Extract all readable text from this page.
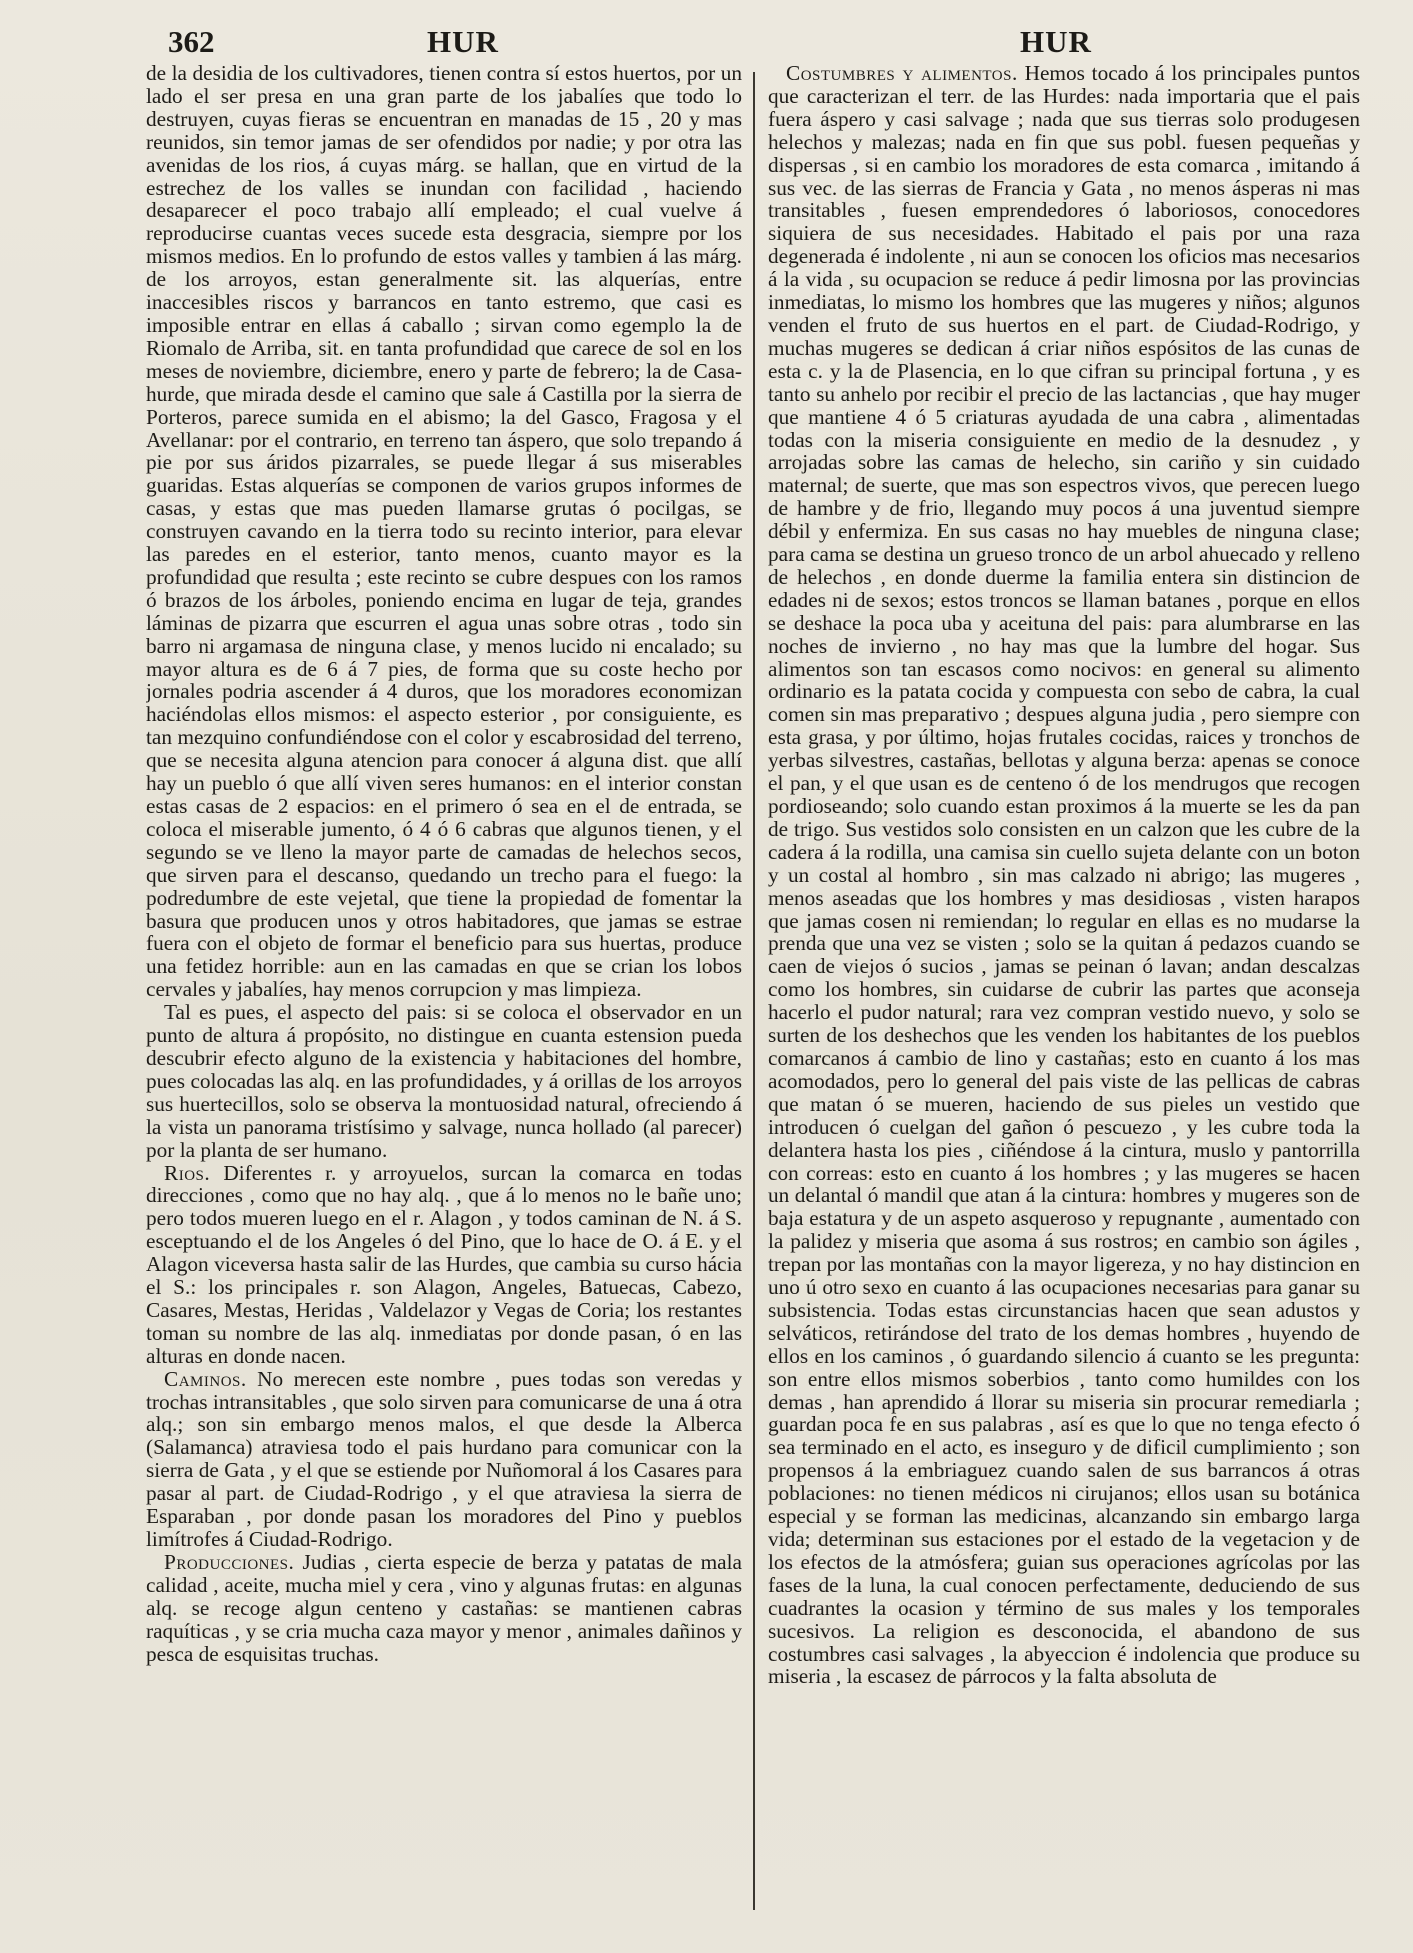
362	HUR	HUR

de la desidia de los cultivadores, tienen contra sí estos huertos, por un lado el ser presa en una gran parte de los jabalíes que todo lo destruyen, cuyas fieras se encuentran en manadas de 15 , 20 y mas reunidos, sin temor jamas de ser ofendidos por nadie; y por otra las avenidas de los rios, á cuyas márg. se hallan, que en virtud de la estrechez de los valles se inundan con facilidad , haciendo desaparecer el poco trabajo allí empleado; el cual vuelve á reproducirse cuantas veces sucede esta desgracia, siempre por los mismos medios. En lo profundo de estos valles y tambien á las márg. de los arroyos, estan generalmente sit. las alquerías, entre inaccesibles riscos y barrancos en tanto estremo, que casi es imposible entrar en ellas á caballo ; sirvan como egemplo la de Riomalo de Arriba, sit. en tanta profundidad que carece de sol en los meses de noviembre, diciembre, enero y parte de febrero; la de Casa-hurde, que mirada desde el camino que sale á Castilla por la sierra de Porteros, parece sumida en el abismo; la del Gasco, Fragosa y el Avellanar: por el contrario, en terreno tan áspero, que solo trepando á pie por sus áridos pizarrales, se puede llegar á sus miserables guaridas. Estas alquerías se componen de varios grupos informes de casas, y estas que mas pueden llamarse grutas ó pocilgas, se construyen cavando en la tierra todo su recinto interior, para elevar las paredes en el esterior, tanto menos, cuanto mayor es la profundidad que resulta ; este recinto se cubre despues con los ramos ó brazos de los árboles, poniendo encima en lugar de teja, grandes láminas de pizarra que escurren el agua unas sobre otras , todo sin barro ni argamasa de ninguna clase, y menos lucido ni encalado; su mayor altura es de 6 á 7 pies, de forma que su coste hecho por jornales podria ascender á 4 duros, que los moradores economizan haciéndolas ellos mismos: el aspecto esterior , por consiguiente, es tan mezquino confundiéndose con el color y escabrosidad del terreno, que se necesita alguna atencion para conocer á alguna dist. que allí hay un pueblo ó que allí viven seres humanos: en el interior constan estas casas de 2 espacios: en el primero ó sea en el de entrada, se coloca el miserable jumento, ó 4 ó 6 cabras que algunos tienen, y el segundo se ve lleno la mayor parte de camadas de helechos secos, que sirven para el descanso, quedando un trecho para el fuego: la podredumbre de este vejetal, que tiene la propiedad de fomentar la basura que producen unos y otros habitadores, que jamas se estrae fuera con el objeto de formar el beneficio para sus huertas, produce una fetidez horrible: aun en las camadas en que se crian los lobos cervales y jabalíes, hay menos corrupcion y mas limpieza.

Tal es pues, el aspecto del pais: si se coloca el observador en un punto de altura á propósito, no distingue en cuanta estension pueda descubrir efecto alguno de la existencia y habitaciones del hombre, pues colocadas las alq. en las profundidades, y á orillas de los arroyos sus huertecillos, solo se observa la montuosidad natural, ofreciendo á la vista un panorama tristísimo y salvage, nunca hollado (al parecer) por la planta de ser humano.

Rios. Diferentes r. y arroyuelos, surcan la comarca en todas direcciones , como que no hay alq. , que á lo menos no le bañe uno; pero todos mueren luego en el r. Alagon , y todos caminan de N. á S. esceptuando el de los Angeles ó del Pino, que lo hace de O. á E. y el Alagon viceversa hasta salir de las Hurdes, que cambia su curso hácia el S.: los principales r. son Alagon, Angeles, Batuecas, Cabezo, Casares, Mestas, Heridas , Valdelazor y Vegas de Coria; los restantes toman su nombre de las alq. inmediatas por donde pasan, ó en las alturas en donde nacen.

Caminos. No merecen este nombre , pues todas son veredas y trochas intransitables , que solo sirven para comunicarse de una á otra alq.; son sin embargo menos malos, el que desde la Alberca (Salamanca) atraviesa todo el pais hurdano para comunicar con la sierra de Gata , y el que se estiende por Nuñomoral á los Casares para pasar al part. de Ciudad-Rodrigo , y el que atraviesa la sierra de Esparaban , por donde pasan los moradores del Pino y pueblos limítrofes á Ciudad-Rodrigo.

Producciones. Judias , cierta especie de berza y patatas de mala calidad , aceite, mucha miel y cera , vino y algunas frutas: en algunas alq. se recoge algun centeno y castañas: se mantienen cabras raquíticas , y se cria mucha caza mayor y menor , animales dañinos y pesca de esquisitas truchas.

Costumbres y alimentos. Hemos tocado á los principales puntos que caracterizan el terr. de las Hurdes: nada importaria que el pais fuera áspero y casi salvage ; nada que sus tierras solo produgesen helechos y malezas; nada en fin que sus pobl. fuesen pequeñas y dispersas , si en cambio los moradores de esta comarca , imitando á sus vec. de las sierras de Francia y Gata , no menos ásperas ni mas transitables , fuesen emprendedores ó laboriosos, conocedores siquiera de sus necesidades. Habitado el pais por una raza degenerada é indolente , ni aun se conocen los oficios mas necesarios á la vida , su ocupacion se reduce á pedir limosna por las provincias inmediatas, lo mismo los hombres que las mugeres y niños; algunos venden el fruto de sus huertos en el part. de Ciudad-Rodrigo, y muchas mugeres se dedican á criar niños espósitos de las cunas de esta c. y la de Plasencia, en lo que cifran su principal fortuna , y es tanto su anhelo por recibir el precio de las lactancias , que hay muger que mantiene 4 ó 5 criaturas ayudada de una cabra , alimentadas todas con la miseria consiguiente en medio de la desnudez , y arrojadas sobre las camas de helecho, sin cariño y sin cuidado maternal; de suerte, que mas son espectros vivos, que perecen luego de hambre y de frio, llegando muy pocos á una juventud siempre débil y enfermiza. En sus casas no hay muebles de ninguna clase; para cama se destina un grueso tronco de un arbol ahuecado y relleno de helechos , en donde duerme la familia entera sin distincion de edades ni de sexos; estos troncos se llaman batanes , porque en ellos se deshace la poca uba y aceituna del pais: para alumbrarse en las noches de invierno , no hay mas que la lumbre del hogar. Sus alimentos son tan escasos como nocivos: en general su alimento ordinario es la patata cocida y compuesta con sebo de cabra, la cual comen sin mas preparativo ; despues alguna judia , pero siempre con esta grasa, y por último, hojas frutales cocidas, raices y tronchos de yerbas silvestres, castañas, bellotas y alguna berza: apenas se conoce el pan, y el que usan es de centeno ó de los mendrugos que recogen pordioseando; solo cuando estan proximos á la muerte se les da pan de trigo. Sus vestidos solo consisten en un calzon que les cubre de la cadera á la rodilla, una camisa sin cuello sujeta delante con un boton y un costal al hombro , sin mas calzado ni abrigo; las mugeres , menos aseadas que los hombres y mas desidiosas , visten harapos que jamas cosen ni remiendan; lo regular en ellas es no mudarse la prenda que una vez se visten ; solo se la quitan á pedazos cuando se caen de viejos ó sucios , jamas se peinan ó lavan; andan descalzas como los hombres, sin cuidarse de cubrir las partes que aconseja hacerlo el pudor natural; rara vez compran vestido nuevo, y solo se surten de los deshechos que les venden los habitantes de los pueblos comarcanos á cambio de lino y castañas; esto en cuanto á los mas acomodados, pero lo general del pais viste de las pellicas de cabras que matan ó se mueren, haciendo de sus pieles un vestido que introducen ó cuelgan del gañon ó pescuezo , y les cubre toda la delantera hasta los pies , ciñéndose á la cintura, muslo y pantorrilla con correas: esto en cuanto á los hombres ; y las mugeres se hacen un delantal ó mandil que atan á la cintura: hombres y mugeres son de baja estatura y de un aspeto asqueroso y repugnante , aumentado con la palidez y miseria que asoma á sus rostros; en cambio son ágiles , trepan por las montañas con la mayor ligereza, y no hay distincion en uno ú otro sexo en cuanto á las ocupaciones necesarias para ganar su subsistencia. Todas estas circunstancias hacen que sean adustos y selváticos, retirándose del trato de los demas hombres , huyendo de ellos en los caminos , ó guardando silencio á cuanto se les pregunta: son entre ellos mismos soberbios , tanto como humildes con los demas , han aprendido á llorar su miseria sin procurar remediarla ; guardan poca fe en sus palabras , así es que lo que no tenga efecto ó sea terminado en el acto, es inseguro y de dificil cumplimiento ; son propensos á la embriaguez cuando salen de sus barrancos á otras poblaciones: no tienen médicos ni cirujanos; ellos usan su botánica especial y se forman las medicinas, alcanzando sin embargo larga vida; determinan sus estaciones por el estado de la vegetacion y de los efectos de la atmósfera; guian sus operaciones agrícolas por las fases de la luna, la cual conocen perfectamente, deduciendo de sus cuadrantes la ocasion y término de sus males y los temporales sucesivos. La religion es desconocida, el abandono de sus costumbres casi salvages , la abyeccion é indolencia que produce su miseria , la escasez de párrocos y la falta absoluta de
